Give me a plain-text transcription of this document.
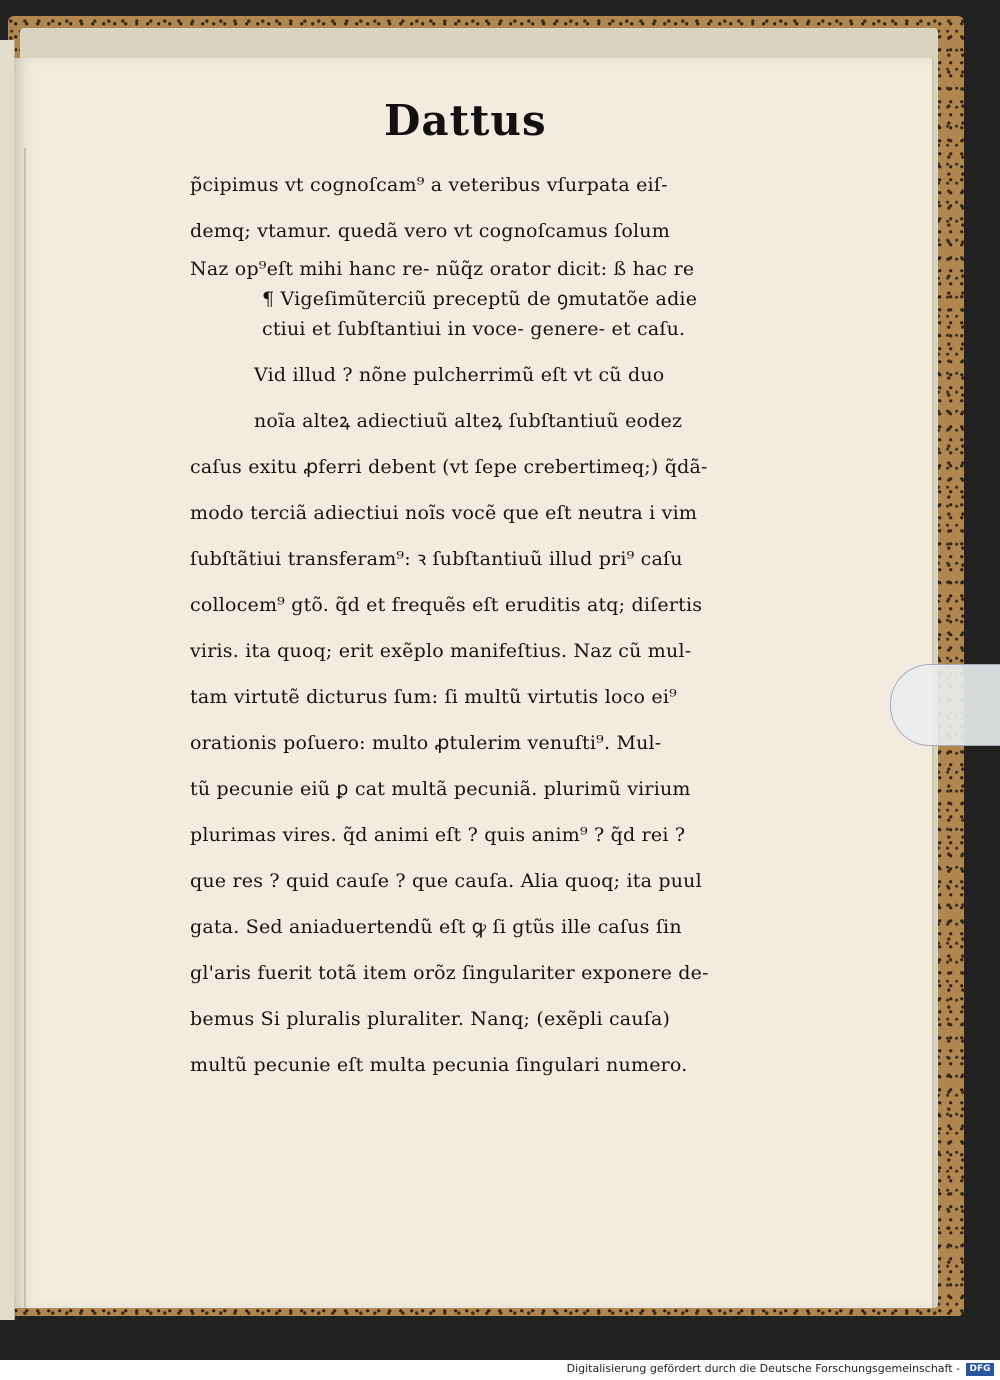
Dattus
p̃cipimus vt cognoſcam⁹ a veteribus vſurpata eiſ-
demq; vtamur. quedã vero vt cognoſcamus ſolum
Naz op⁹eſt mihi hanc re- nũq̃z orator dicit: ß hac re
¶ Vigeſimũterciũ preceptũ de ꝯmutatõe adie
ctiui et ſubſtantiui in voce- genere- et caſu.
Vid illud ? nõne pulcherrimũ eſt vt cũ duo
noĩa alteꝝ adiectiuũ alteꝝ ſubſtantiuũ eodez
caſus exitu ꝓferri debent (vt ſepe crebertimeq;) q̃dã-
modo terciã adiectiui noĩs vocẽ que eſt neutra i vim
ſubſtãtiui transferam⁹: ꝛ ſubſtantiuũ illud pri⁹ caſu
collocem⁹ gtõ. q̃d et frequẽs eſt eruditis atq; diſertis
viris. ita quoq; erit exẽplo manifeſtius. Naz cũ mul-
tam virtutẽ dicturus ſum: ſi multũ virtutis loco ei⁹
orationis poſuero: multo ꝓtulerim venuſti⁹. Mul-
tũ pecunie eiũ ꝑ cat multã pecuniã. plurimũ virium
plurimas vires. q̃d animi eſt ? quis anim⁹ ? q̃d rei ?
que res ? quid cauſe ? que cauſa. Alia quoq; ita puul
gata. Sed aniaduertendũ eſt ꝙ ſi gtũs ille caſus ſin
gl'aris fuerit totã item orõz ſingulariter exponere de-
bemus Si pluralis pluraliter. Nanq; (exẽpli cauſa)
multũ pecunie eſt multa pecunia ſingulari numero.
Digitalisierung gefördert durch die Deutsche Forschungsgemeinschaft -	DFG
